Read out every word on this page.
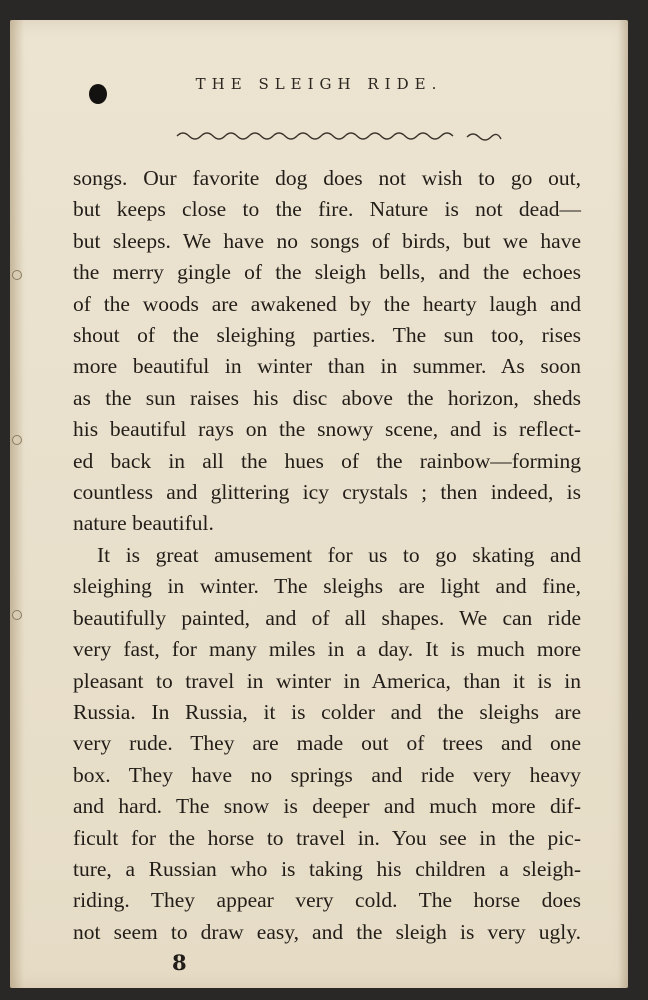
THE SLEIGH RIDE.
songs. Our favorite dog does not wish to go out,
but keeps close to the fire. Nature is not dead—
but sleeps. We have no songs of birds, but we have
the merry gingle of the sleigh bells, and the echoes
of the woods are awakened by the hearty laugh and
shout of the sleighing parties. The sun too, rises
more beautiful in winter than in summer. As soon
as the sun raises his disc above the horizon, sheds
his beautiful rays on the snowy scene, and is reflect-
ed back in all the hues of the rainbow—forming
countless and glittering icy crystals ; then indeed, is
nature beautiful.
It is great amusement for us to go skating and
sleighing in winter. The sleighs are light and fine,
beautifully painted, and of all shapes. We can ride
very fast, for many miles in a day. It is much more
pleasant to travel in winter in America, than it is in
Russia. In Russia, it is colder and the sleighs are
very rude. They are made out of trees and one
box. They have no springs and ride very heavy
and hard. The snow is deeper and much more dif-
ficult for the horse to travel in. You see in the pic-
ture, a Russian who is taking his children a sleigh-
riding. They appear very cold. The horse does
not seem to draw easy, and the sleigh is very ugly.
8
